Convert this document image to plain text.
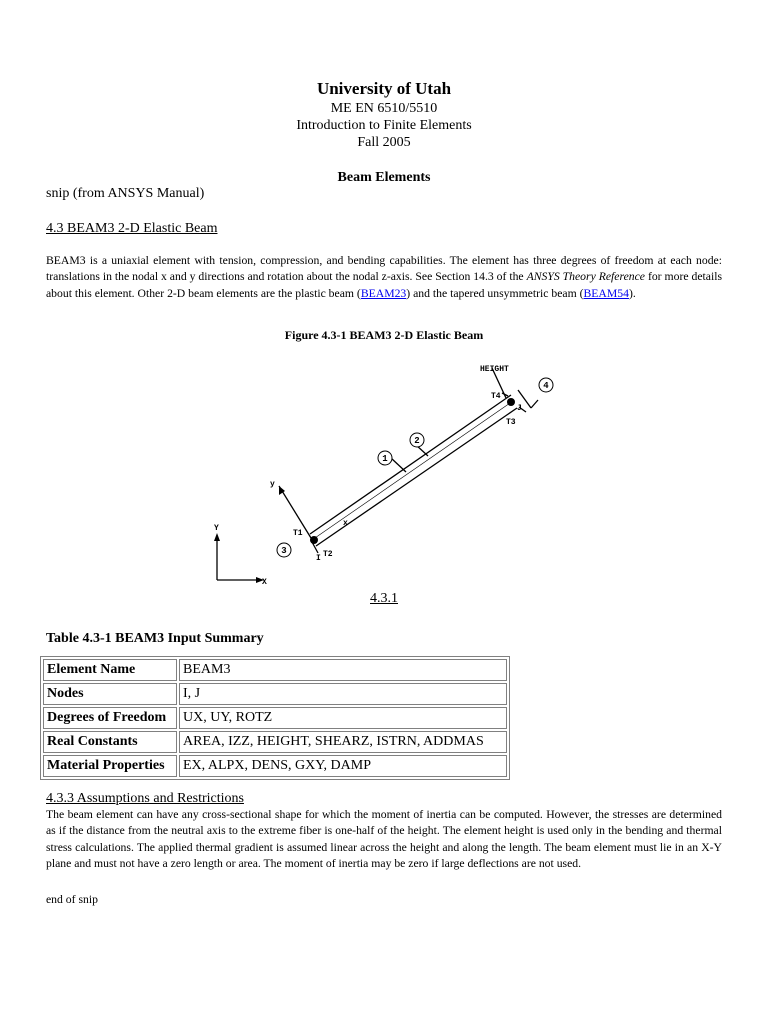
University of Utah
ME EN 6510/5510
Introduction to Finite Elements
Fall 2005
Beam Elements
snip (from ANSYS Manual)
4.3 BEAM3 2-D Elastic Beam
BEAM3 is a uniaxial element with tension, compression, and bending capabilities. The element has three degrees of freedom at each node: translations in the nodal x and y directions and rotation about the nodal z-axis. See Section 14.3 of the ANSYS Theory Reference for more details about this element. Other 2-D beam elements are the plastic beam (BEAM23) and the tapered unsymmetric beam (BEAM54).
Figure 4.3-1 BEAM3 2-D Elastic Beam
1
2
3
4
HEIGHT
T4
T3
J
I
T1
T2
x
y
Y
X
4.3.1
Table 4.3-1 BEAM3 Input Summary
Element Name	BEAM3
Nodes	I, J
Degrees of Freedom	UX, UY, ROTZ
Real Constants	AREA, IZZ, HEIGHT, SHEARZ, ISTRN, ADDMAS
Material Properties	EX, ALPX, DENS, GXY, DAMP
4.3.3 Assumptions and Restrictions
The beam element can have any cross-sectional shape for which the moment of inertia can be computed. However, the stresses are determined as if the distance from the neutral axis to the extreme fiber is one-half of the height. The element height is used only in the bending and thermal stress calculations. The applied thermal gradient is assumed linear across the height and along the length. The beam element must lie in an X-Y plane and must not have a zero length or area. The moment of inertia may be zero if large deflections are not used.
end of snip
